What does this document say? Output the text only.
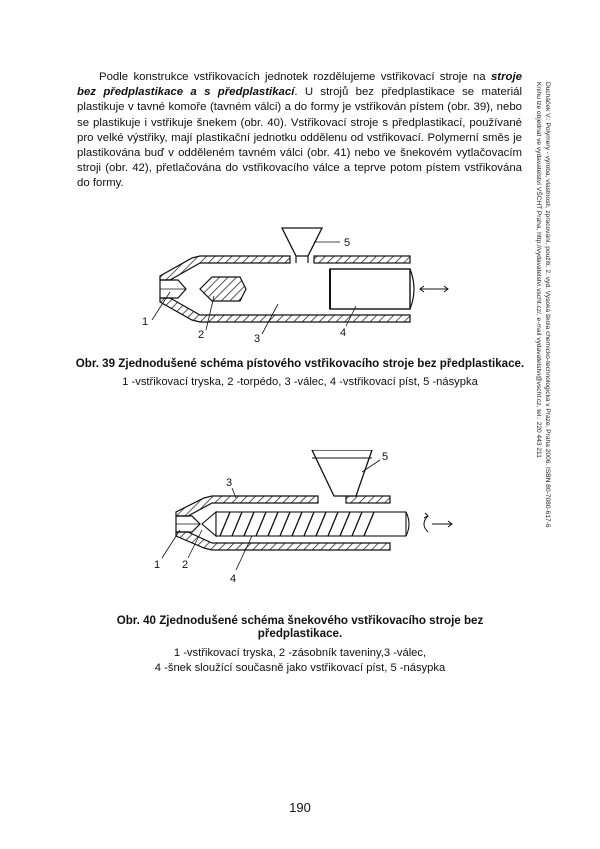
Podle konstrukce vstřikovacích jednotek rozdělujeme vstřikovací stroje na stroje bez předplastikace a s předplastikací. U strojů bez předplastikace se materiál plastikuje v tavné komoře (tavném válci) a do formy je vstřikován pístem (obr. 39), nebo se plastikuje i vstřikuje šnekem (obr. 40). Vstřikovací stroje s předplastikací, používané pro velké výstřiky, mají plastikační jednotku oddělenu od vstřikovací. Polymerní směs je plastikována buď v odděleném tavném válci (obr. 41) nebo ve šnekovém vytlačovacím stroji (obr. 42), přetlačována do vstřikovacího válce a teprve potom pístem vstřikována do formy.	Ducháček V.: Polymery - výroba, vlastnosti, zpracování, použití, 2. vyd. Vysoká škola chemicko-technologická v Praze, Praha 2006. ISBN 80-7080-617-6
Knihu lze objednat ve vydavatelství VŠCHT Praha, http://vydavatelstvi.vscht.cz/, e-mail vydavatelstvi@vscht.cz, tel.: 220 443 211
1
2	3	4
5
Obr. 39 Zjednodušené schéma pístového vstřikovacího stroje bez předplastikace.
1 -vstřikovací tryska, 2 -torpédo, 3 -válec, 4 -vstřikovací píst, 5 -násypka
1 2
3
4
5
Obr. 40 Zjednodušené schéma šnekového vstřikovacího stroje bez
předplastikace.
1 -vstřikovací tryska, 2 -zásobník taveniny,3 -válec,
4 -šnek sloužící současně jako vstřikovací píst, 5 -násypka
190
